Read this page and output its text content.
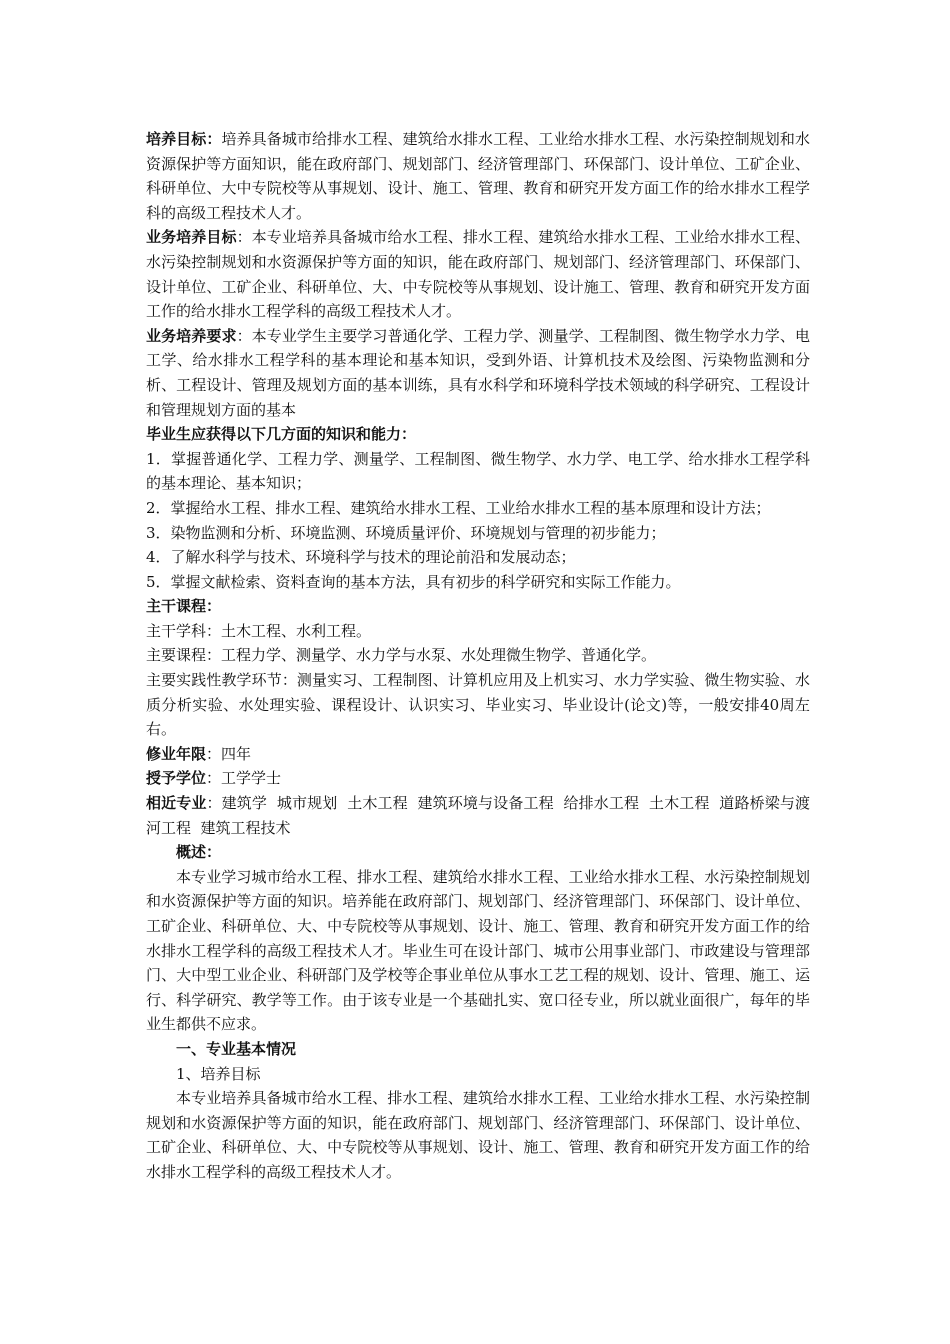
培养目标：培养具备城市给排水工程、建筑给水排水工程、工业给水排水工程、水污染控制规划和水资源保护等方面知识，能在政府部门、规划部门、经济管理部门、环保部门、设计单位、工矿企业、科研单位、大中专院校等从事规划、设计、施工、管理、教育和研究开发方面工作的给水排水工程学科的高级工程技术人才。

业务培养目标：本专业培养具备城市给水工程、排水工程、建筑给水排水工程、工业给水排水工程、水污染控制规划和水资源保护等方面的知识，能在政府部门、规划部门、经济管理部门、环保部门、设计单位、工矿企业、科研单位、大、中专院校等从事规划、设计施工、管理、教育和研究开发方面工作的给水排水工程学科的高级工程技术人才。

业务培养要求：本专业学生主要学习普通化学、工程力学、测量学、工程制图、微生物学水力学、电工学、给水排水工程学科的基本理论和基本知识，受到外语、计算机技术及绘图、污染物监测和分析、工程设计、管理及规划方面的基本训练，具有水科学和环境科学技术领域的科学研究、工程设计和管理规划方面的基本

毕业生应获得以下几方面的知识和能力：

1．掌握普通化学、工程力学、测量学、工程制图、微生物学、水力学、电工学、给水排水工程学科的基本理论、基本知识；

2．掌握给水工程、排水工程、建筑给水排水工程、工业给水排水工程的基本原理和设计方法；

3．染物监测和分析、环境监测、环境质量评价、环境规划与管理的初步能力；

4．了解水科学与技术、环境科学与技术的理论前沿和发展动态；

5．掌握文献检索、资料查询的基本方法，具有初步的科学研究和实际工作能力。

主干课程：

主干学科：土木工程、水利工程。

主要课程：工程力学、测量学、水力学与水泵、水处理微生物学、普通化学。

主要实践性教学环节：测量实习、工程制图、计算机应用及上机实习、水力学实验、微生物实验、水质分析实验、水处理实验、课程设计、认识实习、毕业实习、毕业设计(论文)等，一般安排40周左右。

修业年限：四年

授予学位：工学学士

相近专业：建筑学  城市规划  土木工程  建筑环境与设备工程  给排水工程  土木工程  道路桥梁与渡河工程  建筑工程技术

概述：

本专业学习城市给水工程、排水工程、建筑给水排水工程、工业给水排水工程、水污染控制规划和水资源保护等方面的知识。培养能在政府部门、规划部门、经济管理部门、环保部门、设计单位、工矿企业、科研单位、大、中专院校等从事规划、设计、施工、管理、教育和研究开发方面工作的给水排水工程学科的高级工程技术人才。毕业生可在设计部门、城市公用事业部门、市政建设与管理部门、大中型工业企业、科研部门及学校等企事业单位从事水工艺工程的规划、设计、管理、施工、运行、科学研究、教学等工作。由于该专业是一个基础扎实、宽口径专业，所以就业面很广，每年的毕业生都供不应求。

一、专业基本情况

1、培养目标

本专业培养具备城市给水工程、排水工程、建筑给水排水工程、工业给水排水工程、水污染控制规划和水资源保护等方面的知识，能在政府部门、规划部门、经济管理部门、环保部门、设计单位、工矿企业、科研单位、大、中专院校等从事规划、设计、施工、管理、教育和研究开发方面工作的给水排水工程学科的高级工程技术人才。
